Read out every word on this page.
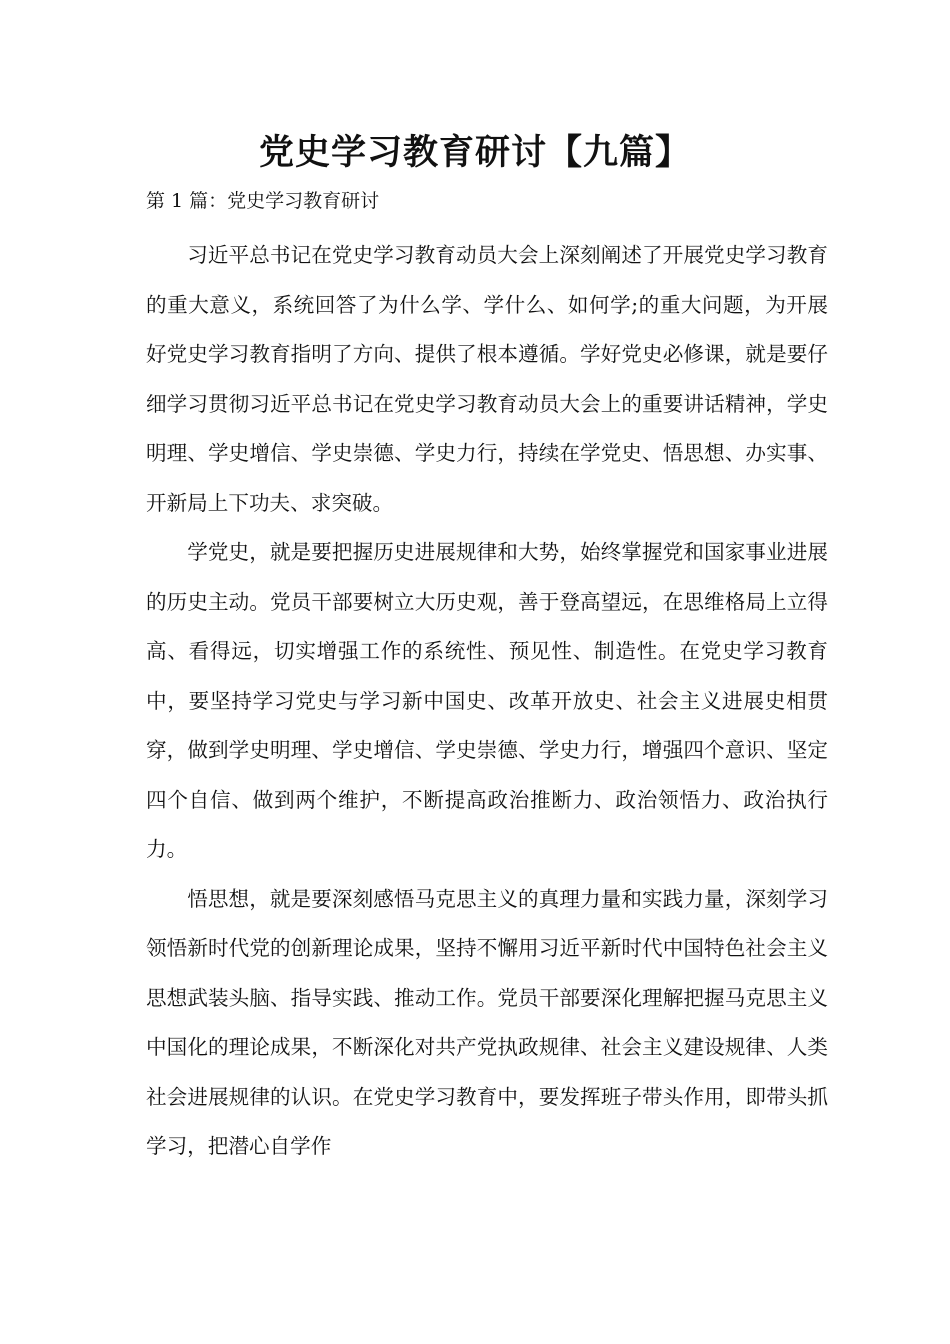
党史学习教育研讨【九篇】

第 1 篇：党史学习教育研讨

习近平总书记在党史学习教育动员大会上深刻阐述了开展党史学习教育的重大意义，系统回答了为什么学、学什么、如何学;的重大问题，为开展好党史学习教育指明了方向、提供了根本遵循。学好党史必修课，就是要仔细学习贯彻习近平总书记在党史学习教育动员大会上的重要讲话精神，学史明理、学史增信、学史崇德、学史力行，持续在学党史、悟思想、办实事、开新局上下功夫、求突破。

学党史，就是要把握历史进展规律和大势，始终掌握党和国家事业进展的历史主动。党员干部要树立大历史观，善于登高望远，在思维格局上立得高、看得远，切实增强工作的系统性、预见性、制造性。在党史学习教育中，要坚持学习党史与学习新中国史、改革开放史、社会主义进展史相贯穿，做到学史明理、学史增信、学史崇德、学史力行，增强四个意识、坚定四个自信、做到两个维护，不断提高政治推断力、政治领悟力、政治执行力。

悟思想，就是要深刻感悟马克思主义的真理力量和实践力量，深刻学习领悟新时代党的创新理论成果，坚持不懈用习近平新时代中国特色社会主义思想武装头脑、指导实践、推动工作。党员干部要深化理解把握马克思主义中国化的理论成果，不断深化对共产党执政规律、社会主义建设规律、人类社会进展规律的认识。在党史学习教育中，要发挥班子带头作用，即带头抓学习，把潜心自学作
